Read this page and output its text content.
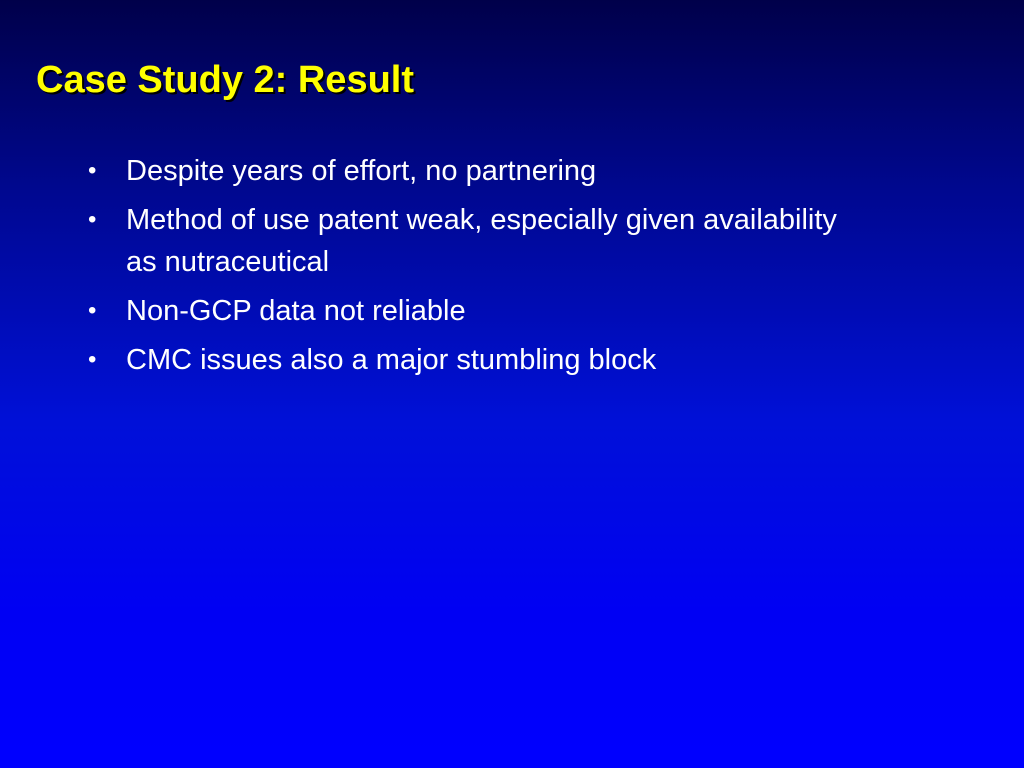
Case Study 2: Result
•	Despite years of effort, no partnering
•	Method of use patent weak, especially given availability as nutraceutical
•	Non-GCP data not reliable
•	CMC issues also a major stumbling block
